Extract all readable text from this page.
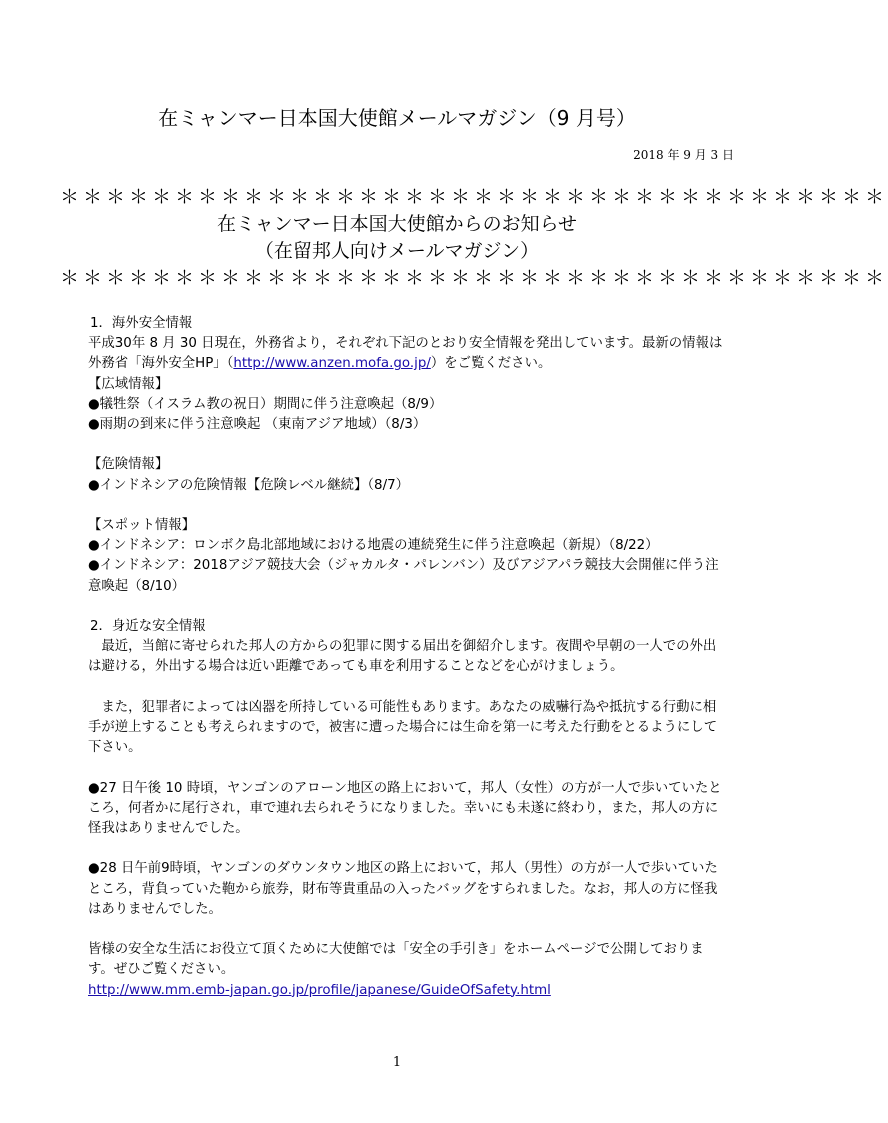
在ミャンマー日本国大使館メールマガジン（9 月号）
2018 年 9 月 3 日
＊＊＊＊＊＊＊＊＊＊＊＊＊＊＊＊＊＊＊＊＊＊＊＊＊＊＊＊＊＊＊＊＊＊＊＊
在ミャンマー日本国大使館からのお知らせ
（在留邦人向けメールマガジン）
＊＊＊＊＊＊＊＊＊＊＊＊＊＊＊＊＊＊＊＊＊＊＊＊＊＊＊＊＊＊＊＊＊＊＊＊

1．海外安全情報

平成30年 8 月 30 日現在，外務省より，それぞれ下記のとおり安全情報を発出しています。最新の情報は外務省「海外安全HP」（http://www.anzen.mofa.go.jp/）をご覧ください。

【広域情報】

●犠牲祭（イスラム教の祝日）期間に伴う注意喚起（8/9）

●雨期の到来に伴う注意喚起 （東南アジア地域）（8/3）

【危険情報】

●インドネシアの危険情報【危険レベル継続】（8/7）

【スポット情報】

●インドネシア：ロンボク島北部地域における地震の連続発生に伴う注意喚起（新規）（8/22）

●インドネシア：2018アジア競技大会（ジャカルタ・パレンバン）及びアジアパラ競技大会開催に伴う注意喚起（8/10）

2．身近な安全情報

最近，当館に寄せられた邦人の方からの犯罪に関する届出を御紹介します。夜間や早朝の一人での外出は避ける，外出する場合は近い距離であっても車を利用することなどを心がけましょう。

また，犯罪者によっては凶器を所持している可能性もあります。あなたの威嚇行為や抵抗する行動に相手が逆上することも考えられますので，被害に遭った場合には生命を第一に考えた行動をとるようにして下さい。

●27 日午後 10 時頃，ヤンゴンのアローン地区の路上において，邦人（女性）の方が一人で歩いていたところ，何者かに尾行され，車で連れ去られそうになりました。幸いにも未遂に終わり，また，邦人の方に怪我はありませんでした。

●28 日午前9時頃，ヤンゴンのダウンタウン地区の路上において，邦人（男性）の方が一人で歩いていたところ，背負っていた鞄から旅券，財布等貴重品の入ったバッグをすられました。なお，邦人の方に怪我はありませんでした。

皆様の安全な生活にお役立て頂くために大使館では「安全の手引き」をホームページで公開しております。ぜひご覧ください。

http://www.mm.emb-japan.go.jp/profile/japanese/GuideOfSafety.html

1
